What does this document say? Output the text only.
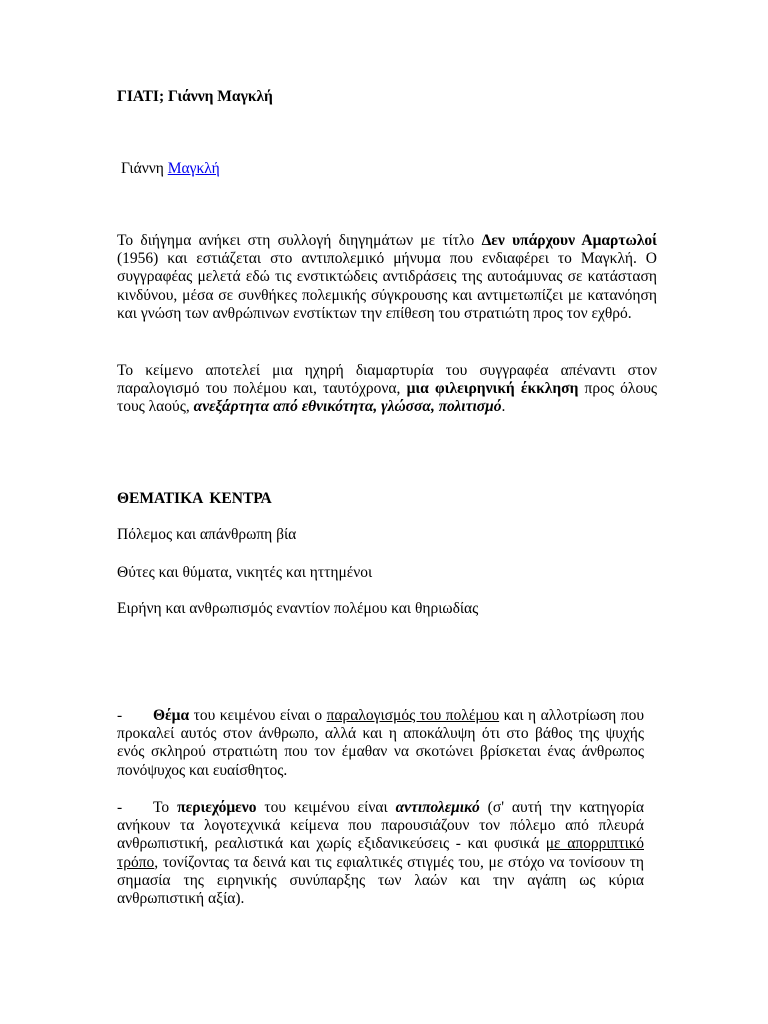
ΓΙΑΤΙ; Γιάννη Μαγκλή
Γιάννη Μαγκλή

Το διήγημα ανήκει στη συλλογή διηγημάτων με τίτλο Δεν υπάρχουν Αμαρτωλοί (1956) και εστιάζεται στο αντιπολεμικό μήνυμα που ενδιαφέρει το Μαγκλή. Ο συγγραφέας μελετά εδώ τις ενστικτώδεις αντιδράσεις της αυτοάμυνας σε κατάσταση κινδύνου, μέσα σε συνθήκες πολεμικής σύγκρουσης και αντιμετωπίζει με κατανόηση και γνώση των ανθρώπινων ενστίκτων την επίθεση του στρατιώτη προς τον εχθρό.

Το κείμενο αποτελεί μια ηχηρή διαμαρτυρία του συγγραφέα απέναντι στον παραλογισμό του πολέμου και, ταυτόχρονα, μια φιλειρηνική έκκληση προς όλους τους λαούς, ανεξάρτητα από εθνικότητα, γλώσσα, πολιτισμό.

ΘΕΜΑΤΙΚΑ ΚΕΝΤΡΑ
Πόλεμος και απάνθρωπη βία
Θύτες και θύματα, νικητές και ηττημένοι
Ειρήνη και ανθρωπισμός εναντίον πολέμου και θηριωδίας

- Θέμα του κειμένου είναι ο παραλογισμός του πολέμου και η αλλοτρίωση που προκαλεί αυτός στον άνθρωπο, αλλά και η αποκάλυψη ότι στο βάθος της ψυχής ενός σκληρού στρατιώτη που τον έμαθαν να σκοτώνει βρίσκεται ένας άνθρωπος πονόψυχος και ευαίσθητος.

- Το περιεχόμενο του κειμένου είναι αντιπολεμικό (σ' αυτή την κατηγορία ανήκουν τα λογοτεχνικά κείμενα που παρουσιάζουν τον πόλεμο από πλευρά ανθρωπιστική, ρεαλιστικά και χωρίς εξιδανικεύσεις - και φυσικά με απορριπτικό τρόπο, τονίζοντας τα δεινά και τις εφιαλτικές στιγμές του, με στόχο να τονίσουν τη σημασία της ειρηνικής συνύπαρξης των λαών και την αγάπη ως κύρια ανθρωπιστική αξία).
